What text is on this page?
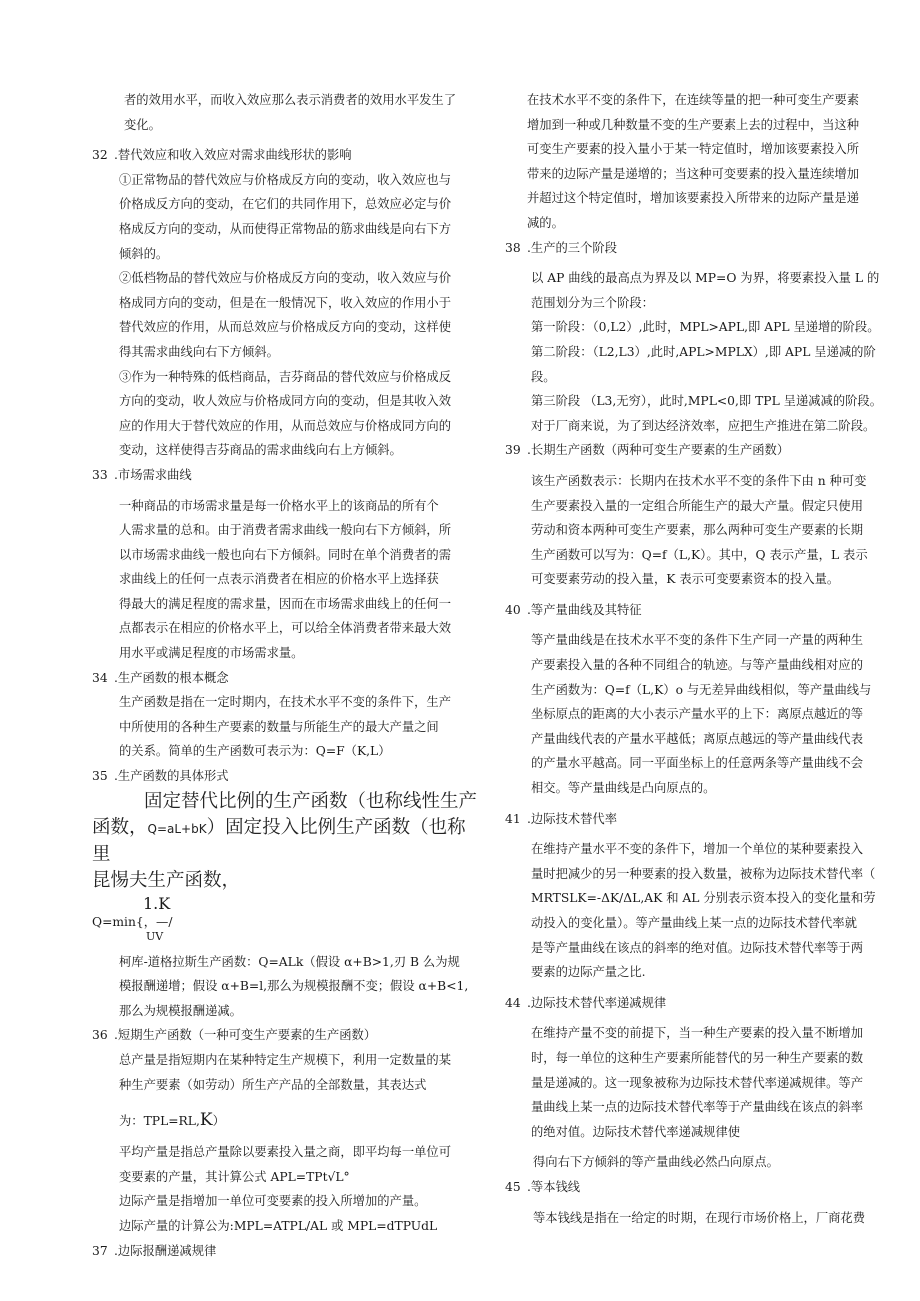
者的效用水平，而收入效应那么表示消费者的效用水平发生了
变化。

32 .替代效应和收入效应对需求曲线形状的影响

①正常物品的替代效应与价格成反方向的变动，收入效应也与
价格成反方向的变动，在它们的共同作用下，总效应必定与价
格成反方向的变动，从而使得正常物品的筋求曲线是向右下方
倾斜的。

②低档物品的替代效应与价格成反方向的变动，收入效应与价
格成同方向的变动，但是在一般情况下，收入效应的作用小于
替代效应的作用，从而总效应与价格成反方向的变动，这样使
得其需求曲线向右下方倾斜。

③作为一种特殊的低档商品，吉芬商品的替代效应与价格成反
方向的变动，收人效应与价格成同方向的变动，但是其收入效
应的作用大于替代效应的作用，从而总效应与价格成同方向的
变动，这样使得吉芬商品的需求曲线向右上方倾斜。

33 .市场需求曲线

一种商品的市场需求量是每一价格水平上的该商品的所有个
人需求量的总和。由于消费者需求曲线一般向右下方倾斜，所
以市场需求曲线一般也向右下方倾斜。同时在单个消费者的需
求曲线上的任何一点表示消费者在相应的价格水平上选择获
得最大的满足程度的需求量，因而在市场需求曲线上的任何一
点都表示在相应的价格水平上，可以给全体消费者带来最大效
用水平或满足程度的市场需求量。

34 .生产函数的根本概念

生产函数是指在一定时期内，在技术水平不变的条件下，生产
中所使用的各种生产要素的数量与所能生产的最大产量之间
的关系。简单的生产函数可表示为：Q=F（K,L）

35 .生产函数的具体形式

固定替代比例的生产函数（也称线性生产
函数，Q=aL+bK）固定投入比例生产函数（也称里
昆惕夫生产函数，
1.K
Q=min{，—/
UV

柯库-道格拉斯生产函数：Q=ALk（假设 α+B>1,刃 B 么为规
模报酬递增；假设 α+B=l,那么为规模报酬不变；假设 α+B<1,
那么为规模报酬递减。

36 .短期生产函数（一种可变生产要素的生产函数）

总产量是指短期内在某种特定生产规模下，利用一定数量的某
种生产要素（如劳动）所生产产品的全部数量，其表达式

为：TPL=RL,K）

平均产量是指总产量除以要素投入量之商，即平均每一单位可
变要素的产量，其计算公式 APL=TPt√L°
边际产量是指增加一单位可变要素的投入所增加的产量。
边际产量的计算公为:MPL=ATPL/AL 或 MPL=dTPUdL

37 .边际报酬递减规律

在技术水平不变的条件下，在连续等量的把一种可变生产要素
增加到一种或几种数量不变的生产要素上去的过程中，当这种
可变生产要素的投入量小于某一特定值时，增加该要素投入所
带来的边际产量是递增的；当这种可变要素的投入量连续增加
并超过这个特定值时，增加该要素投入所带来的边际产量是递
减的。

38 .生产的三个阶段

以 AP 曲线的最高点为界及以 MP=O 为界，将要素投入量 L 的
范围划分为三个阶段：

第一阶段：（0,L2）,此时，MPL>APL,即 APL 呈递增的阶段。
第二阶段：（L2,L3）,此时,APL>MPLX）,即 APL 呈递减的阶
段。
第三阶段 （L3,无穷），此时,MPL<0,即 TPL 呈递减减的阶段。
对于厂商来说，为了到达经济效率，应把生产推进在第二阶段。

39 .长期生产函数（两种可变生产要素的生产函数）

该生产函数表示：长期内在技术水平不变的条件下由 n 种可变
生产要素投入量的一定组合所能生产的最大产量。假定只使用
劳动和资本两种可变生产要素，那么两种可变生产要素的长期
生产函数可以写为：Q=f（L,K）。其中，Q 表示产量，L 表示
可变要素劳动的投入量，K 表示可变要素资本的投入量。

40 .等产量曲线及其特征

等产量曲线是在技术水平不变的条件下生产同一产量的两种生
产要素投入量的各种不同组合的轨迹。与等产量曲线相对应的
生产函数为：Q=f（L,K）o 与无差异曲线相似，等产量曲线与
坐标原点的距离的大小表示产量水平的上下：离原点越近的等
产量曲线代表的产量水平越低；离原点越远的等产量曲线代表
的产量水平越高。同一平面坐标上的任意两条等产量曲线不会
相交。等产量曲线是凸向原点的。

41 .边际技术替代率

在维持产量水平不变的条件下，增加一个单位的某种要素投入
量时把减少的另一种要素的投入数量，被称为边际技术替代率（
MRTSLK=-ΔK/ΔL,AK 和 AL 分别表示资本投入的变化量和劳
动投入的变化量）。等产量曲线上某一点的边际技术替代率就
是等产量曲线在该点的斜率的绝对值。边际技术替代率等于两
要素的边际产量之比.

44 .边际技术替代率递减规律

在维持产量不变的前提下，当一种生产要素的投入量不断增加
时，每一单位的这种生产要素所能替代的另一种生产要素的数
量是递减的。这一现象被称为边际技术替代率递减规律。等产
量曲线上某一点的边际技术替代率等于产量曲线在该点的斜率
的绝对值。边际技术替代率递减规律使

得向右下方倾斜的等产量曲线必然凸向原点。

45 .等本钱线

等本钱线是指在一给定的时期，在现行市场价格上，厂商花费
